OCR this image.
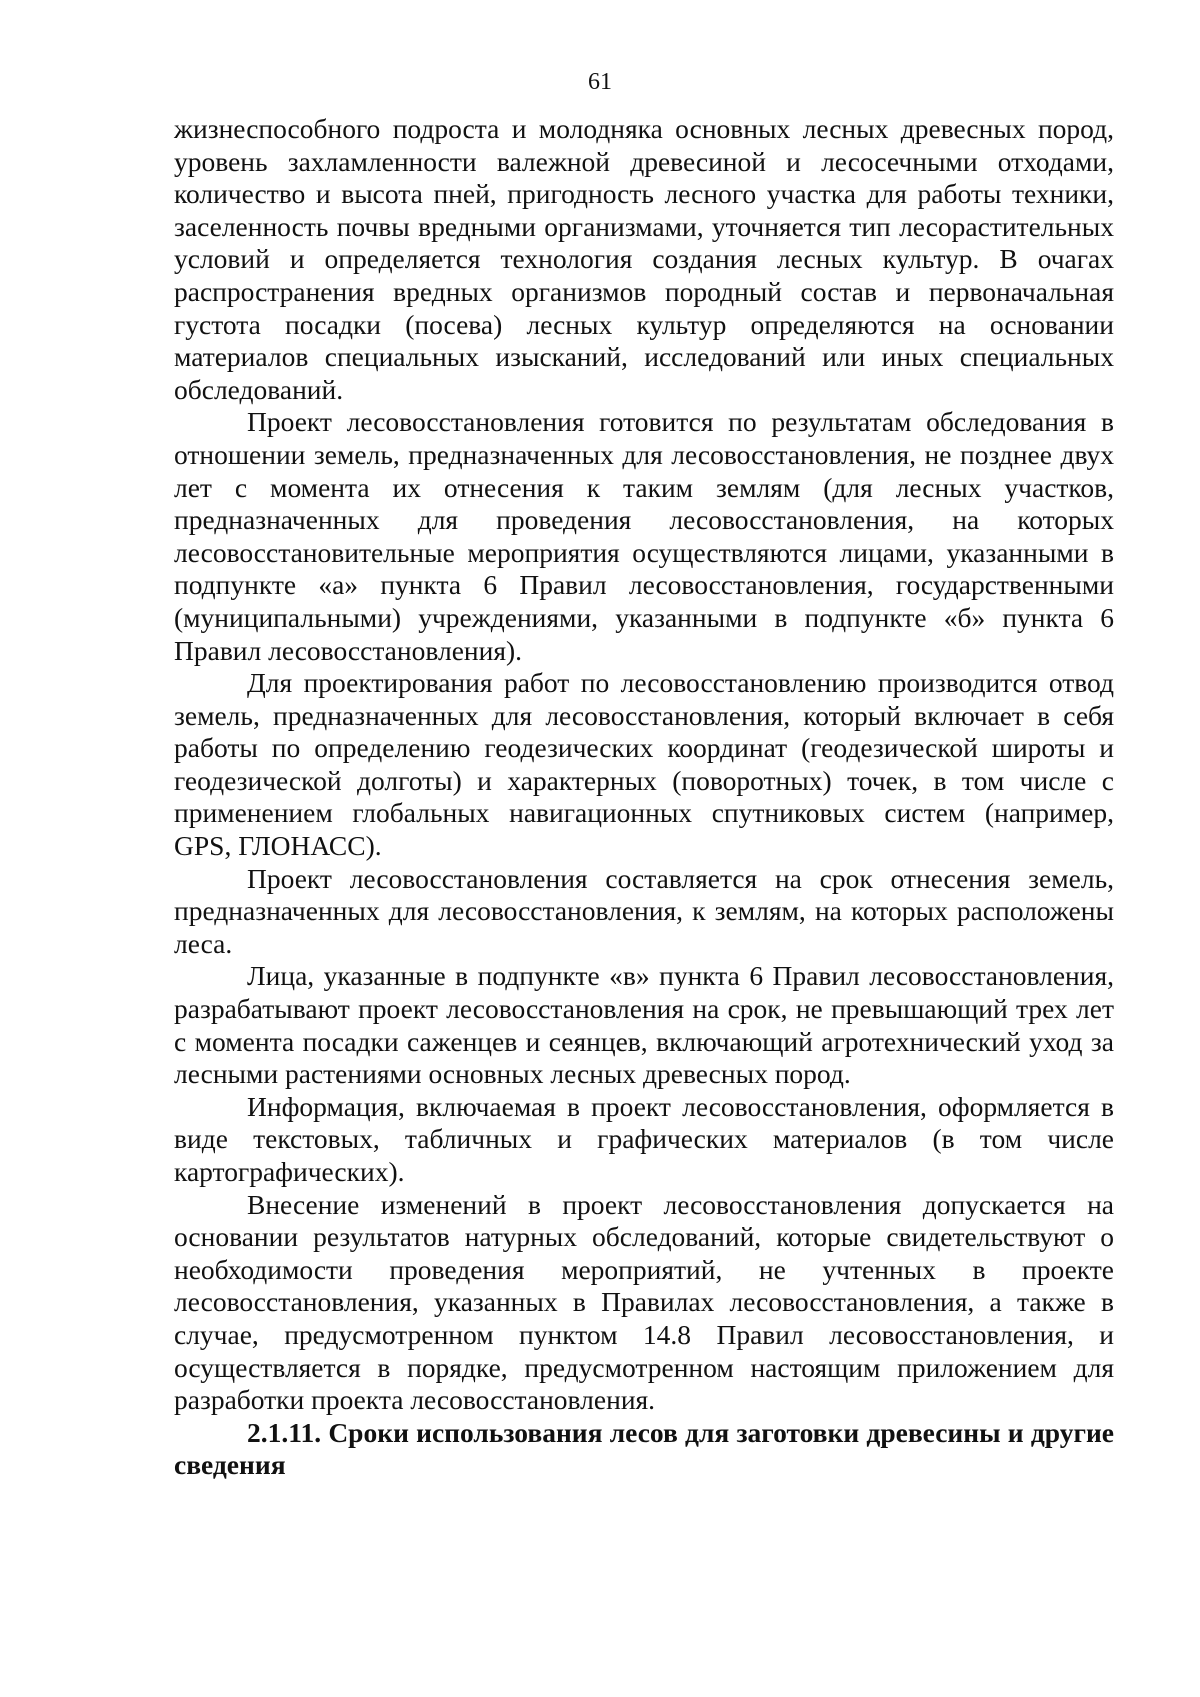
61

жизнеспособного подроста и молодняка основных лесных древесных пород, уровень захламленности валежной древесиной и лесосечными отходами, количество и высота пней, пригодность лесного участка для работы техники, заселенность почвы вредными организмами, уточняется тип лесорастительных условий и определяется технология создания лесных культур. В очагах распространения вредных организмов породный состав и первоначальная густота посадки (посева) лесных культур определяются на основании материалов специальных изысканий, исследований или иных специальных обследований.

Проект лесовосстановления готовится по результатам обследования в отношении земель, предназначенных для лесовосстановления, не позднее двух лет с момента их отнесения к таким землям (для лесных участков, предназначенных для проведения лесовосстановления, на которых лесовосстановительные мероприятия осуществляются лицами, указанными в подпункте «а» пункта 6 Правил лесовосстановления, государственными (муниципальными) учреждениями, указанными в подпункте «б» пункта 6 Правил лесовосстановления).

Для проектирования работ по лесовосстановлению производится отвод земель, предназначенных для лесовосстановления, который включает в себя работы по определению геодезических координат (геодезической широты и геодезической долготы) и характерных (поворотных) точек, в том числе с применением глобальных навигационных спутниковых систем (например, GPS, ГЛОНАСС).

Проект лесовосстановления составляется на срок отнесения земель, предназначенных для лесовосстановления, к землям, на которых расположены леса.

Лица, указанные в подпункте «в» пункта 6 Правил лесовосстановления, разрабатывают проект лесовосстановления на срок, не превышающий трех лет с момента посадки саженцев и сеянцев, включающий агротехнический уход за лесными растениями основных лесных древесных пород.

Информация, включаемая в проект лесовосстановления, оформляется в виде текстовых, табличных и графических материалов (в том числе картографических).

Внесение изменений в проект лесовосстановления допускается на основании результатов натурных обследований, которые свидетельствуют о необходимости проведения мероприятий, не учтенных в проекте лесовосстановления, указанных в Правилах лесовосстановления, а также в случае, предусмотренном пунктом 14.8 Правил лесовосстановления, и осуществляется в порядке, предусмотренном настоящим приложением для разработки проекта лесовосстановления.

2.1.11. Сроки использования лесов для заготовки древесины и другие сведения
